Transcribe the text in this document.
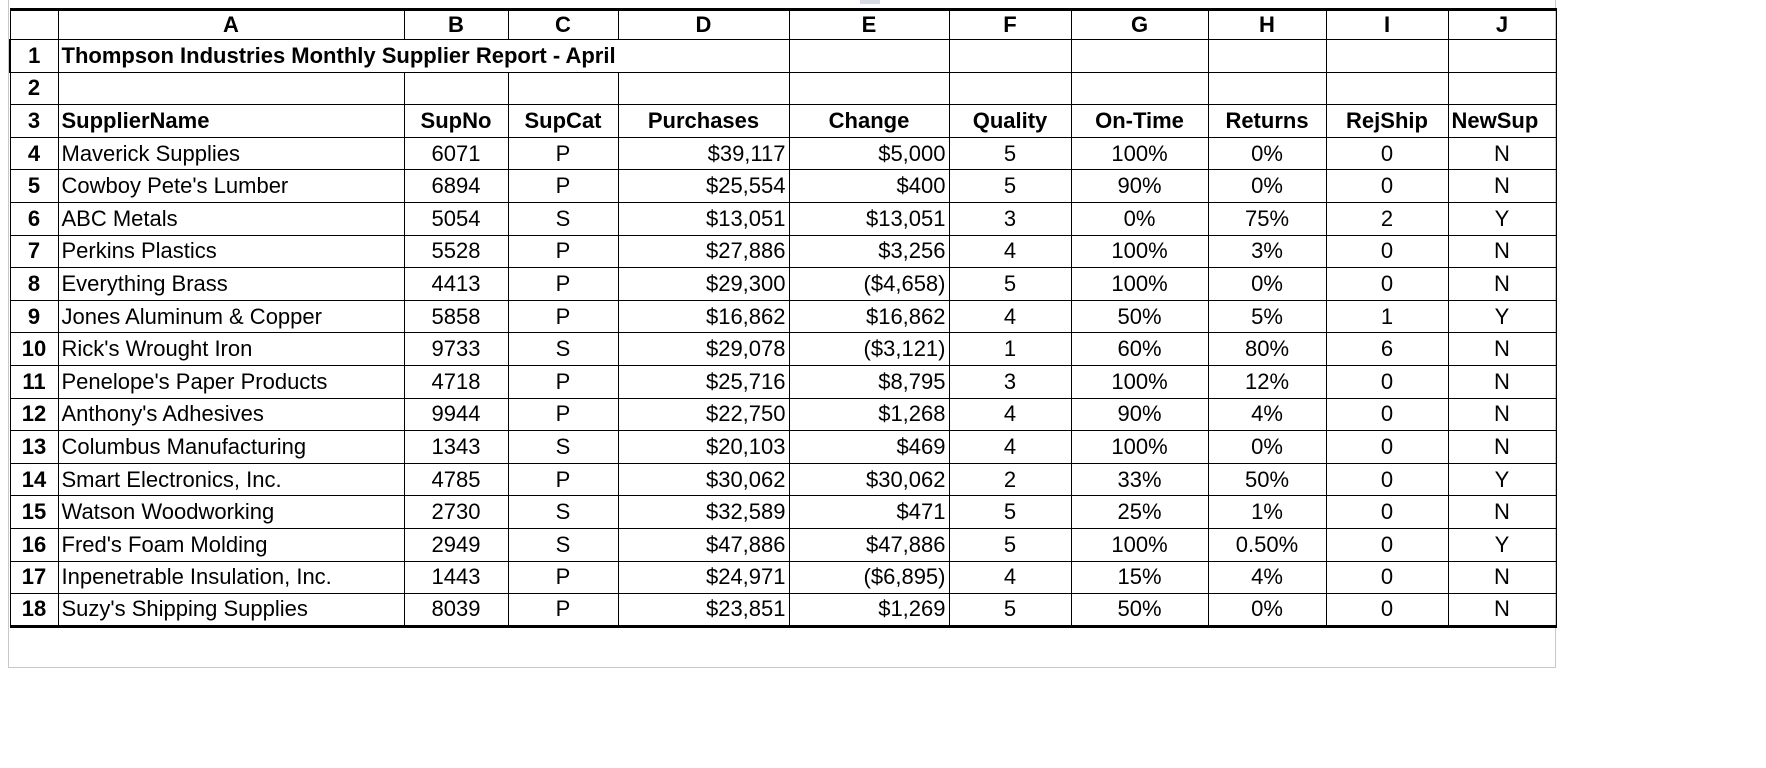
	A	B	C	D	E	F	G	H	I	J
1	Thompson Industries Monthly Supplier Report - April									
2										
3	SupplierName	SupNo	SupCat	Purchases	Change	Quality	On-Time	Returns	RejShip	NewSup
4	Maverick Supplies	6071	P	$39,117	$5,000	5	100%	0%	0	N
5	Cowboy Pete's Lumber	6894	P	$25,554	$400	5	90%	0%	0	N
6	ABC Metals	5054	S	$13,051	$13,051	3	0%	75%	2	Y
7	Perkins Plastics	5528	P	$27,886	$3,256	4	100%	3%	0	N
8	Everything Brass	4413	P	$29,300	($4,658)	5	100%	0%	0	N
9	Jones Aluminum & Copper	5858	P	$16,862	$16,862	4	50%	5%	1	Y
10	Rick's Wrought Iron	9733	S	$29,078	($3,121)	1	60%	80%	6	N
11	Penelope's Paper Products	4718	P	$25,716	$8,795	3	100%	12%	0	N
12	Anthony's Adhesives	9944	P	$22,750	$1,268	4	90%	4%	0	N
13	Columbus Manufacturing	1343	S	$20,103	$469	4	100%	0%	0	N
14	Smart Electronics, Inc.	4785	P	$30,062	$30,062	2	33%	50%	0	Y
15	Watson Woodworking	2730	S	$32,589	$471	5	25%	1%	0	N
16	Fred's Foam Molding	2949	S	$47,886	$47,886	5	100%	0.50%	0	Y
17	Inpenetrable Insulation, Inc.	1443	P	$24,971	($6,895)	4	15%	4%	0	N
18	Suzy's Shipping Supplies	8039	P	$23,851	$1,269	5	50%	0%	0	N
